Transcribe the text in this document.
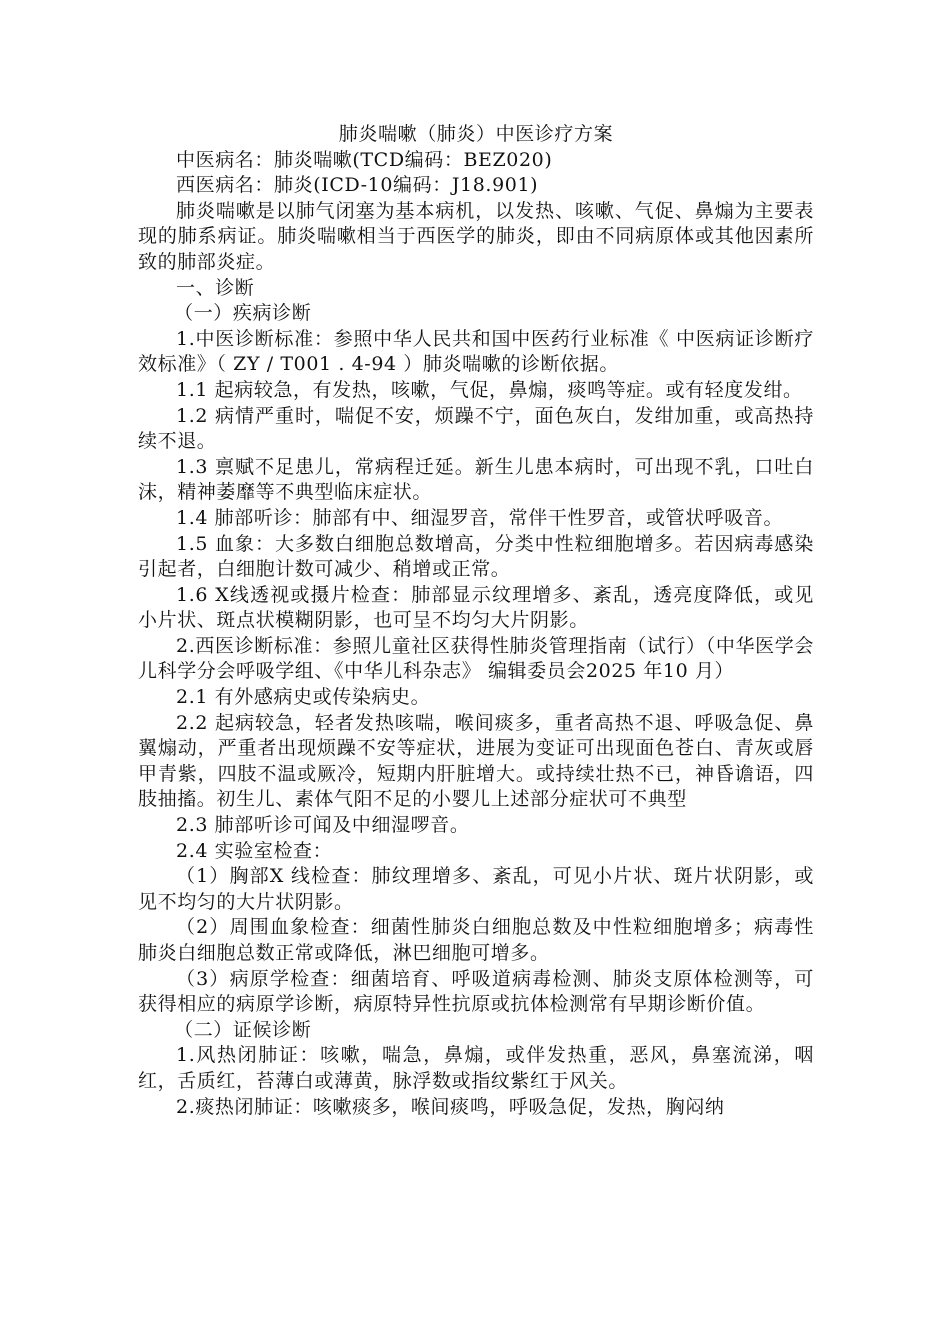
肺炎喘嗽（肺炎）中医诊疗方案

中医病名：肺炎喘嗽(TCD编码：BEZ020)

西医病名：肺炎(ICD-10编码：J18.901)

肺炎喘嗽是以肺气闭塞为基本病机，以发热、咳嗽、气促、鼻煽为主要表现的肺系病证。肺炎喘嗽相当于西医学的肺炎，即由不同病原体或其他因素所致的肺部炎症。

一、诊断

（一）疾病诊断

1.中医诊断标准：参照中华人民共和国中医药行业标准《 中医病证诊断疗效标准》（ ZY / T001 . 4-94 ）肺炎喘嗽的诊断依据。

1.1 起病较急，有发热，咳嗽，气促，鼻煽，痰鸣等症。或有轻度发绀。

1.2 病情严重时，喘促不安，烦躁不宁，面色灰白，发绀加重，或高热持续不退。

1.3 禀赋不足患儿，常病程迁延。新生儿患本病时，可出现不乳，口吐白沫，精神萎靡等不典型临床症状。

1.4 肺部听诊：肺部有中、细湿罗音，常伴干性罗音，或管状呼吸音。

1.5 血象：大多数白细胞总数增高，分类中性粒细胞增多。若因病毒感染引起者，白细胞计数可减少、稍增或正常。

1.6 X线透视或摄片检查：肺部显示纹理增多、紊乱，透亮度降低，或见小片状、斑点状模糊阴影，也可呈不均匀大片阴影。

2.西医诊断标准：参照儿童社区获得性肺炎管理指南（试行）（中华医学会儿科学分会呼吸学组、《中华儿科杂志》 编辑委员会2025 年10 月）

2.1 有外感病史或传染病史。

2.2 起病较急，轻者发热咳喘，喉间痰多，重者高热不退、呼吸急促、鼻翼煽动，严重者出现烦躁不安等症状，进展为变证可出现面色苍白、青灰或唇甲青紫，四肢不温或厥冷，短期内肝脏增大。或持续壮热不已，神昏谵语，四肢抽搐。初生儿、素体气阳不足的小婴儿上述部分症状可不典型

2.3 肺部听诊可闻及中细湿啰音。

2.4 实验室检查：

（1）胸部X 线检查：肺纹理增多、紊乱，可见小片状、斑片状阴影，或见不均匀的大片状阴影。

（2）周围血象检查：细菌性肺炎白细胞总数及中性粒细胞增多；病毒性肺炎白细胞总数正常或降低，淋巴细胞可增多。

（3）病原学检查：细菌培育、呼吸道病毒检测、肺炎支原体检测等，可获得相应的病原学诊断，病原特异性抗原或抗体检测常有早期诊断价值。

（二）证候诊断

1.风热闭肺证：咳嗽，喘急，鼻煽，或伴发热重，恶风，鼻塞流涕，咽红，舌质红，苔薄白或薄黄，脉浮数或指纹紫红于风关。

2.痰热闭肺证：咳嗽痰多，喉间痰鸣，呼吸急促，发热，胸闷纳
